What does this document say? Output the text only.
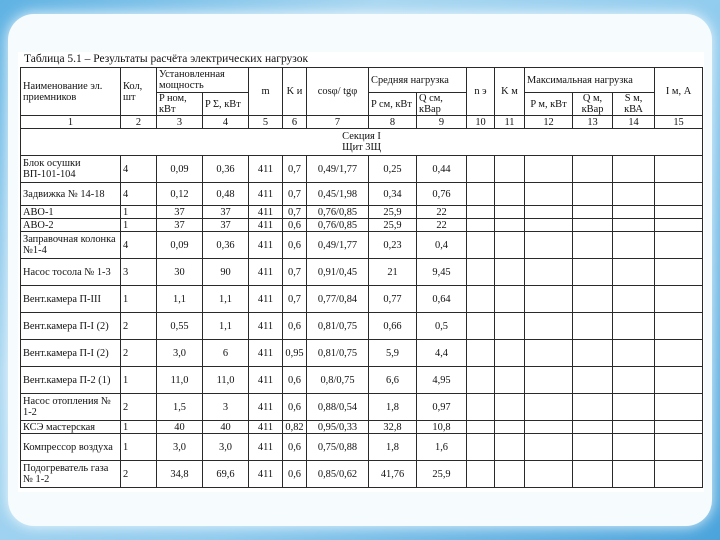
Таблица 5.1 – Результаты расчёта электрических нагрузок
Наименование эл. приемников	Кол, шт	Установленная мощность		m	K и	cosφ/ tgφ	Средняя нагрузка		n э	K м	Максимальная нагрузка			I м, А
		P ном, кВт	P Σ, кВт				P см, кВт	Q см, кВар			P м, кВт	Q м, кВар	S м, кВА	
1	2	3	4	5	6	7	8	9	10	11	12	13	14	15

Секция I
Щит 3Щ														

Блок осушки ВП-101-104	4	0,09	0,36	411	0,7	0,49/1,77	0,25	0,44						
Задвижка № 14-18	4	0,12	0,48	411	0,7	0,45/1,98	0,34	0,76						
АВО-1	1	37	37	411	0,7	0,76/0,85	25,9	22						
АВО-2	1	37	37	411	0,6	0,76/0,85	25,9	22						
Заправочная колонка №1-4	4	0,09	0,36	411	0,6	0,49/1,77	0,23	0,4						
Насос тосола № 1-3	3	30	90	411	0,7	0,91/0,45	21	9,45						
Вент.камера П-III	1	1,1	1,1	411	0,7	0,77/0,84	0,77	0,64						
Вент.камера П-I (2)	2	0,55	1,1	411	0,6	0,81/0,75	0,66	0,5						
Вент.камера П-I (2)	2	3,0	6	411	0,95	0,81/0,75	5,9	4,4						
Вент.камера П-2 (1)	1	11,0	11,0	411	0,6	0,8/0,75	6,6	4,95						
Насос отопления № 1-2	2	1,5	3	411	0,6	0,88/0,54	1,8	0,97						
КСЭ мастерская	1	40	40	411	0,82	0,95/0,33	32,8	10,8						
Компрессор воздуха	1	3,0	3,0	411	0,6	0,75/0,88	1,8	1,6						
Подогреватель газа № 1-2	2	34,8	69,6	411	0,6	0,85/0,62	41,76	25,9						
